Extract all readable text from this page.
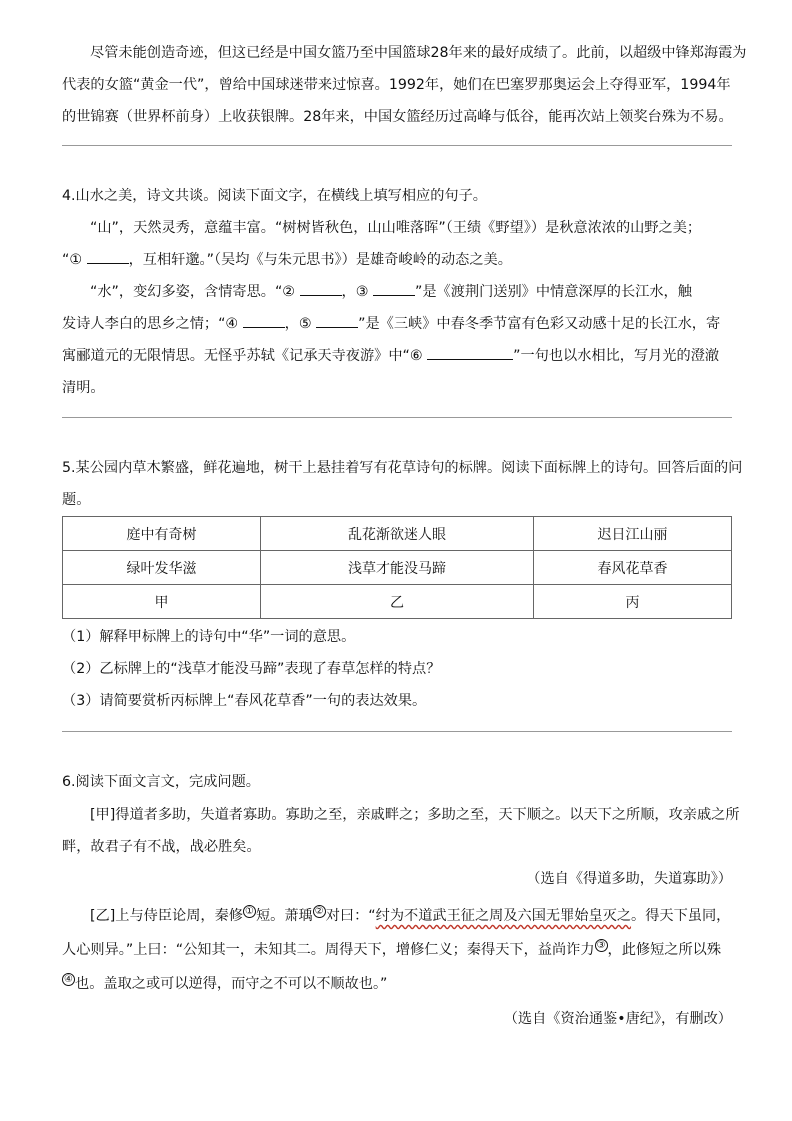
尽管未能创造奇迹，但这已经是中国女篮乃至中国篮球28年来的最好成绩了。此前，以超级中锋郑海霞为
代表的女篮“黄金一代”，曾给中国球迷带来过惊喜。1992年，她们在巴塞罗那奥运会上夺得亚军，1994年
的世锦赛（世界杯前身）上收获银牌。28年来，中国女篮经历过高峰与低谷，能再次站上领奖台殊为不易。
4.山水之美，诗文共谈。阅读下面文字，在横线上填写相应的句子。
“山”，天然灵秀，意蕴丰富。“树树皆秋色，山山唯落晖”（王绩《野望》）是秋意浓浓的山野之美；
“①	，互相轩邈。”（吴均《与朱元思书》）是雄奇峻岭的动态之美。
“水”，变幻多姿，含情寄思。“②	，③	”是《渡荆门送别》中情意深厚的长江水，触
发诗人李白的思乡之情；“④	，⑤	”是《三峡》中春冬季节富有色彩又动感十足的长江水，寄
寓郦道元的无限情思。无怪乎苏轼《记承天寺夜游》中“⑥	”一句也以水相比，写月光的澄澈
清明。
5.某公园内草木繁盛，鲜花遍地，树干上悬挂着写有花草诗句的标牌。阅读下面标牌上的诗句。回答后面的问
题。
庭中有奇树	乱花渐欲迷人眼	迟日江山丽
绿叶发华滋	浅草才能没马蹄	春风花草香
甲	乙	丙
（1）解释甲标牌上的诗句中“华”一词的意思。
（2）乙标牌上的“浅草才能没马蹄”表现了春草怎样的特点？
（3）请简要赏析丙标牌上“春风花草香”一句的表达效果。
6.阅读下面文言文，完成问题。
[甲]得道者多助，失道者寡助。寡助之至，亲戚畔之；多助之至，天下顺之。以天下之所顺，攻亲戚之所
畔，故君子有不战，战必胜矣。
（选自《得道多助，失道寡助》）
[乙]上与侍臣论周，秦修 ① 短。萧瑀 ② 对曰：“纣为不道武王征之周及六国无罪始皇灭之。得天下虽同，
人心则异。”上曰：“公知其一，未知其二。周得天下，增修仁义；秦得天下，益尚诈力 ③ ，此修短之所以殊
④ 也。盖取之或可以逆得，而守之不可以不顺故也。”
（选自《资治通鉴•唐纪》，有删改）
